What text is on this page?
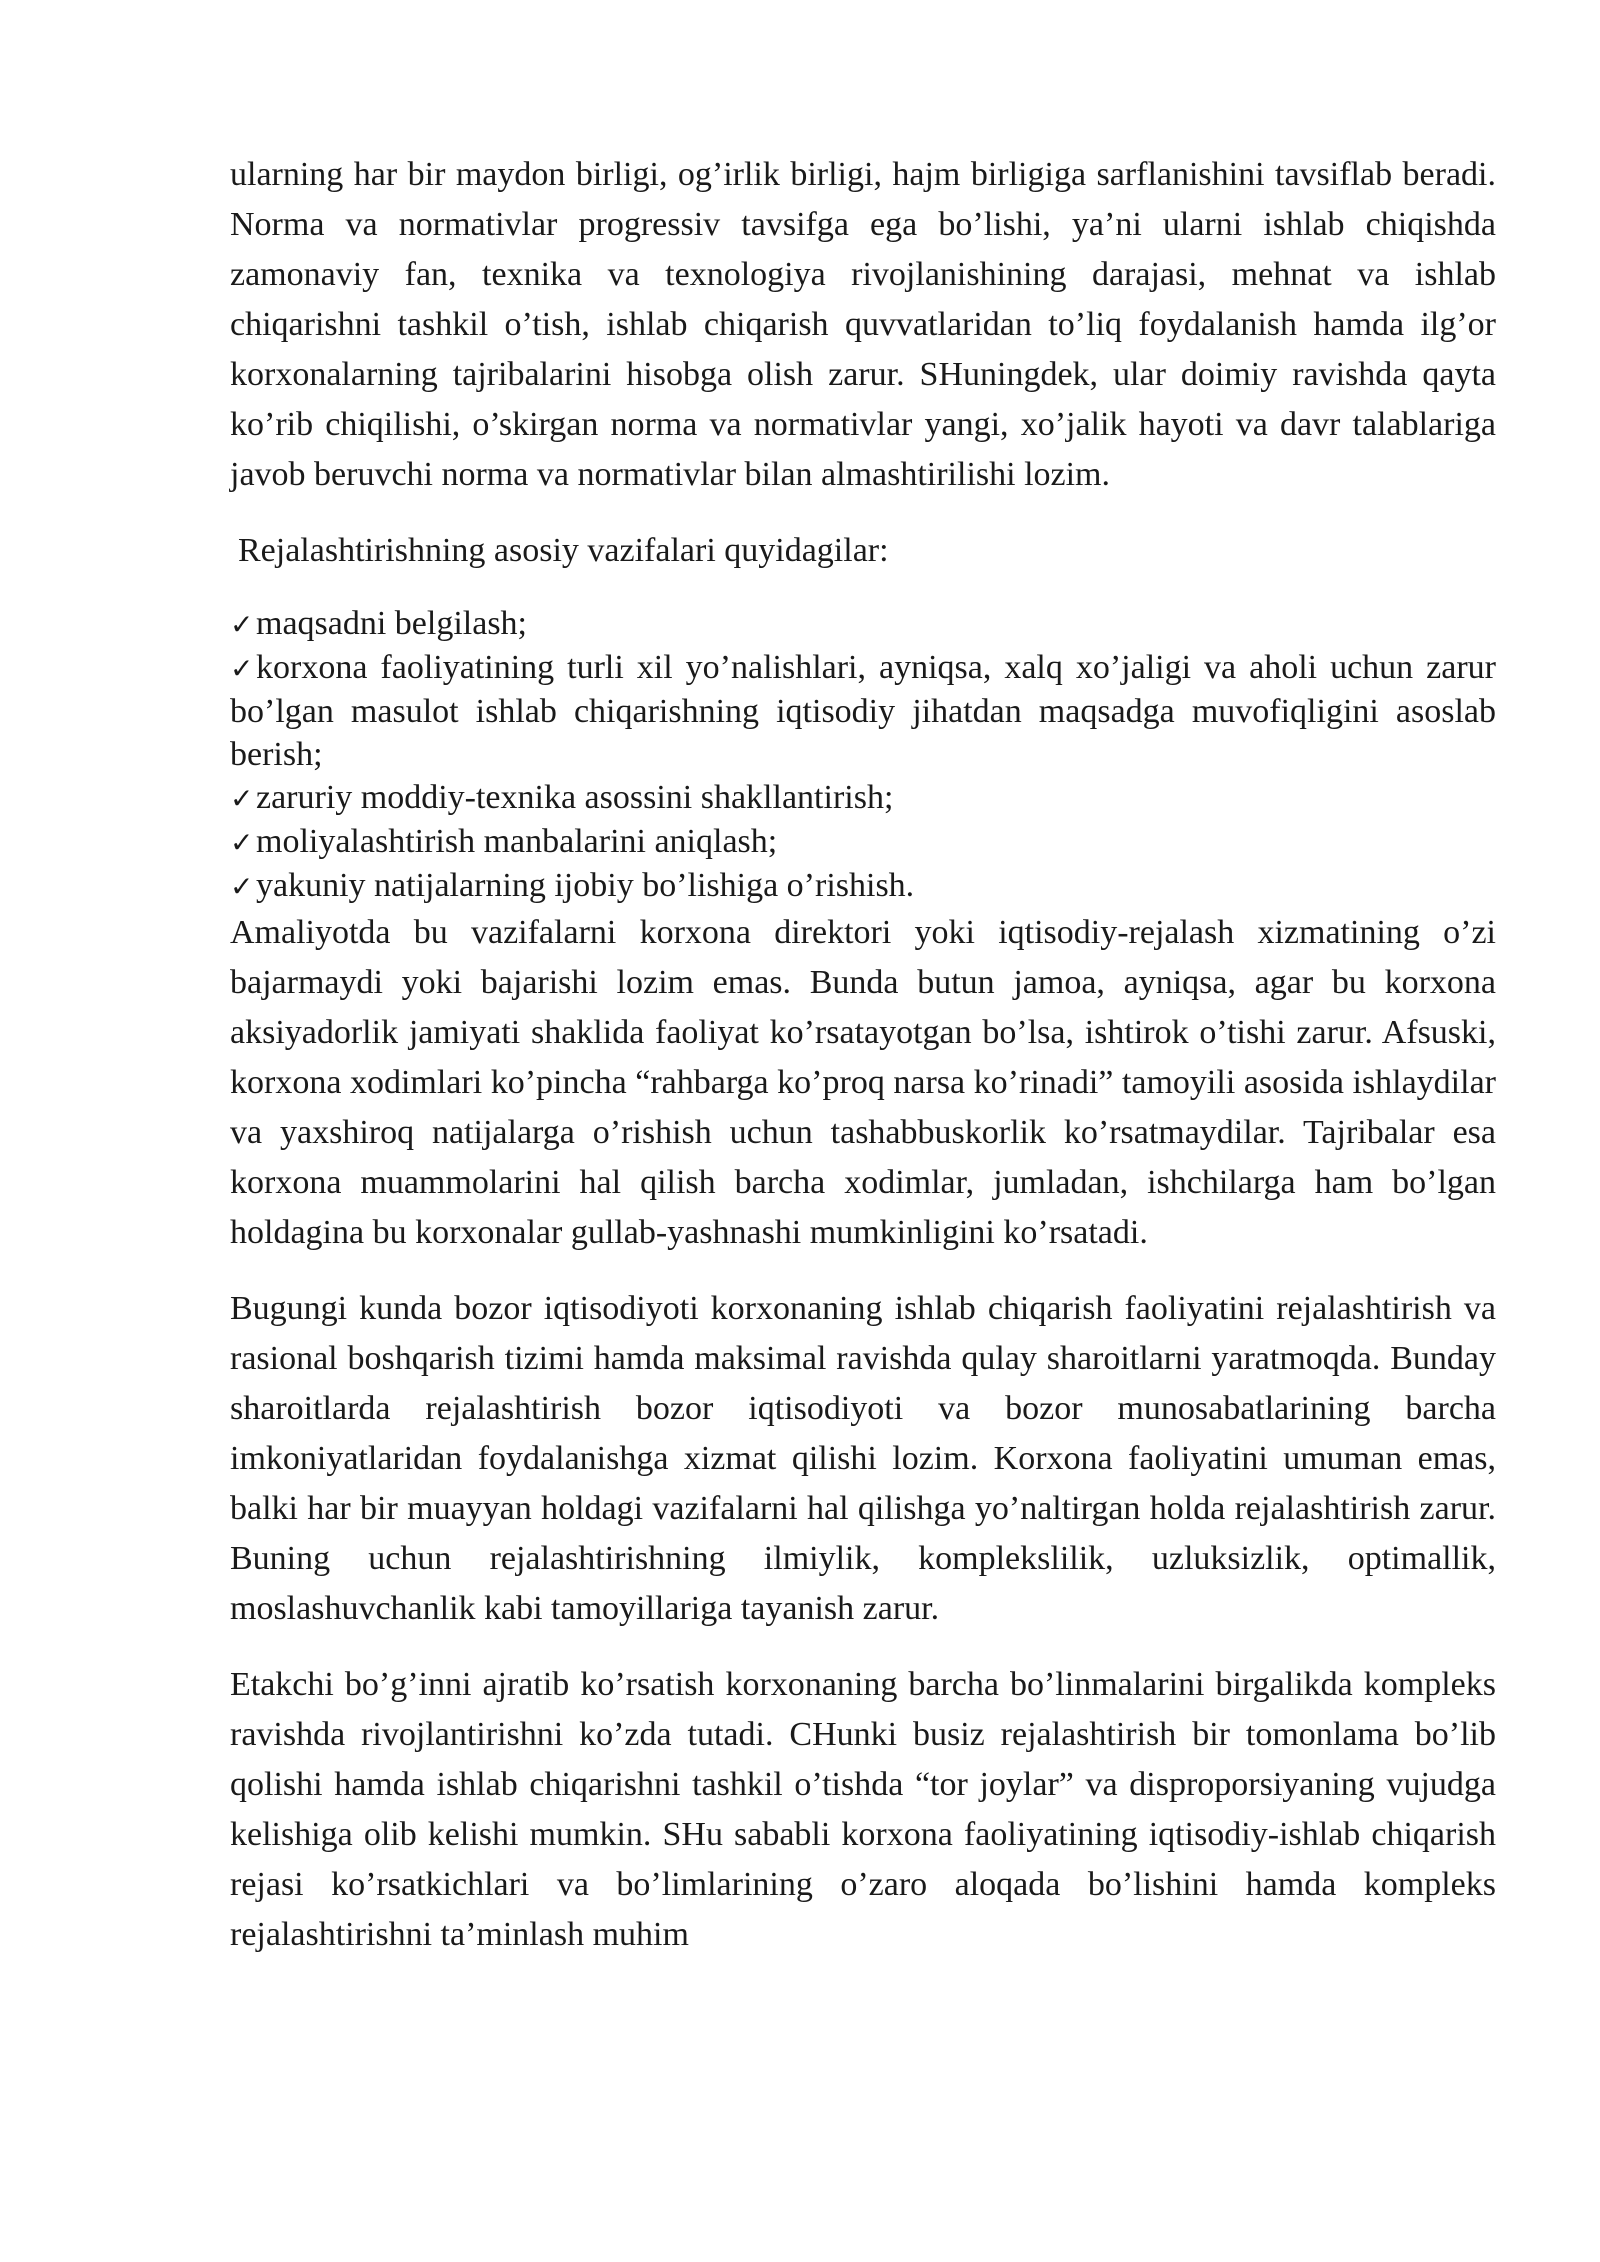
ularning har bir maydon birligi, og’irlik birligi, hajm birligiga sarflanishini tavsiflab beradi. Norma va normativlar progressiv tavsifga ega bo’lishi, ya’ni ularni ishlab chiqishda zamonaviy fan, texnika va texnologiya rivojlanishining darajasi, mehnat va ishlab chiqarishni tashkil o’tish, ishlab chiqarish quvvatlaridan to’liq foydalanish hamda ilg’or korxonalarning tajribalarini hisobga olish zarur. SHuningdek, ular doimiy ravishda qayta ko’rib chiqilishi, o’skirgan norma va normativlar yangi, xo’jalik hayoti va davr talablariga javob beruvchi norma va normativlar bilan almashtirilishi lozim.

Rejalashtirishning asosiy vazifalari quyidagilar:

✓maqsadni belgilash;
✓korxona faoliyatining turli xil yo’nalishlari, ayniqsa, xalq xo’jaligi va aholi uchun zarur bo’lgan masulot ishlab chiqarishning iqtisodiy jihatdan maqsadga muvofiqligini asoslab berish;
✓zaruriy moddiy-texnika asossini shakllantirish;
✓moliyalashtirish manbalarini aniqlash;
✓yakuniy natijalarning ijobiy bo’lishiga o’rishish.

Amaliyotda bu vazifalarni korxona direktori yoki iqtisodiy-rejalash xizmatining o’zi bajarmaydi yoki bajarishi lozim emas. Bunda butun jamoa, ayniqsa, agar bu korxona aksiyadorlik jamiyati shaklida faoliyat ko’rsatayotgan bo’lsa, ishtirok o’tishi zarur. Afsuski, korxona xodimlari ko’pincha “rahbarga ko’proq narsa ko’rinadi” tamoyili asosida ishlaydilar va yaxshiroq natijalarga o’rishish uchun tashabbuskorlik ko’rsatmaydilar. Tajribalar esa korxona muammolarini hal qilish barcha xodimlar, jumladan, ishchilarga ham bo’lgan holdagina bu korxonalar gullab-yashnashi mumkinligini ko’rsatadi.

Bugungi kunda bozor iqtisodiyoti korxonaning ishlab chiqarish faoliyatini rejalashtirish va rasional boshqarish tizimi hamda maksimal ravishda qulay sharoitlarni yaratmoqda. Bunday sharoitlarda rejalashtirish bozor iqtisodiyoti va bozor munosabatlarining barcha imkoniyatlaridan foydalanishga xizmat qilishi lozim. Korxona faoliyatini umuman emas, balki har bir muayyan holdagi vazifalarni hal qilishga yo’naltirgan holda rejalashtirish zarur. Buning uchun rejalashtirishning ilmiylik, komplekslilik, uzluksizlik, optimallik, moslashuvchanlik kabi tamoyillariga tayanish zarur.

Etakchi bo’g’inni ajratib ko’rsatish korxonaning barcha bo’linmalarini birgalikda kompleks ravishda rivojlantirishni ko’zda tutadi. CHunki busiz rejalashtirish bir tomonlama bo’lib qolishi hamda ishlab chiqarishni tashkil o’tishda “tor joylar” va disproporsiyaning vujudga kelishiga olib kelishi mumkin. SHu sababli korxona faoliyatining iqtisodiy-ishlab chiqarish rejasi ko’rsatkichlari va bo’limlarining o’zaro aloqada bo’lishini hamda kompleks rejalashtirishni ta’minlash muhim
